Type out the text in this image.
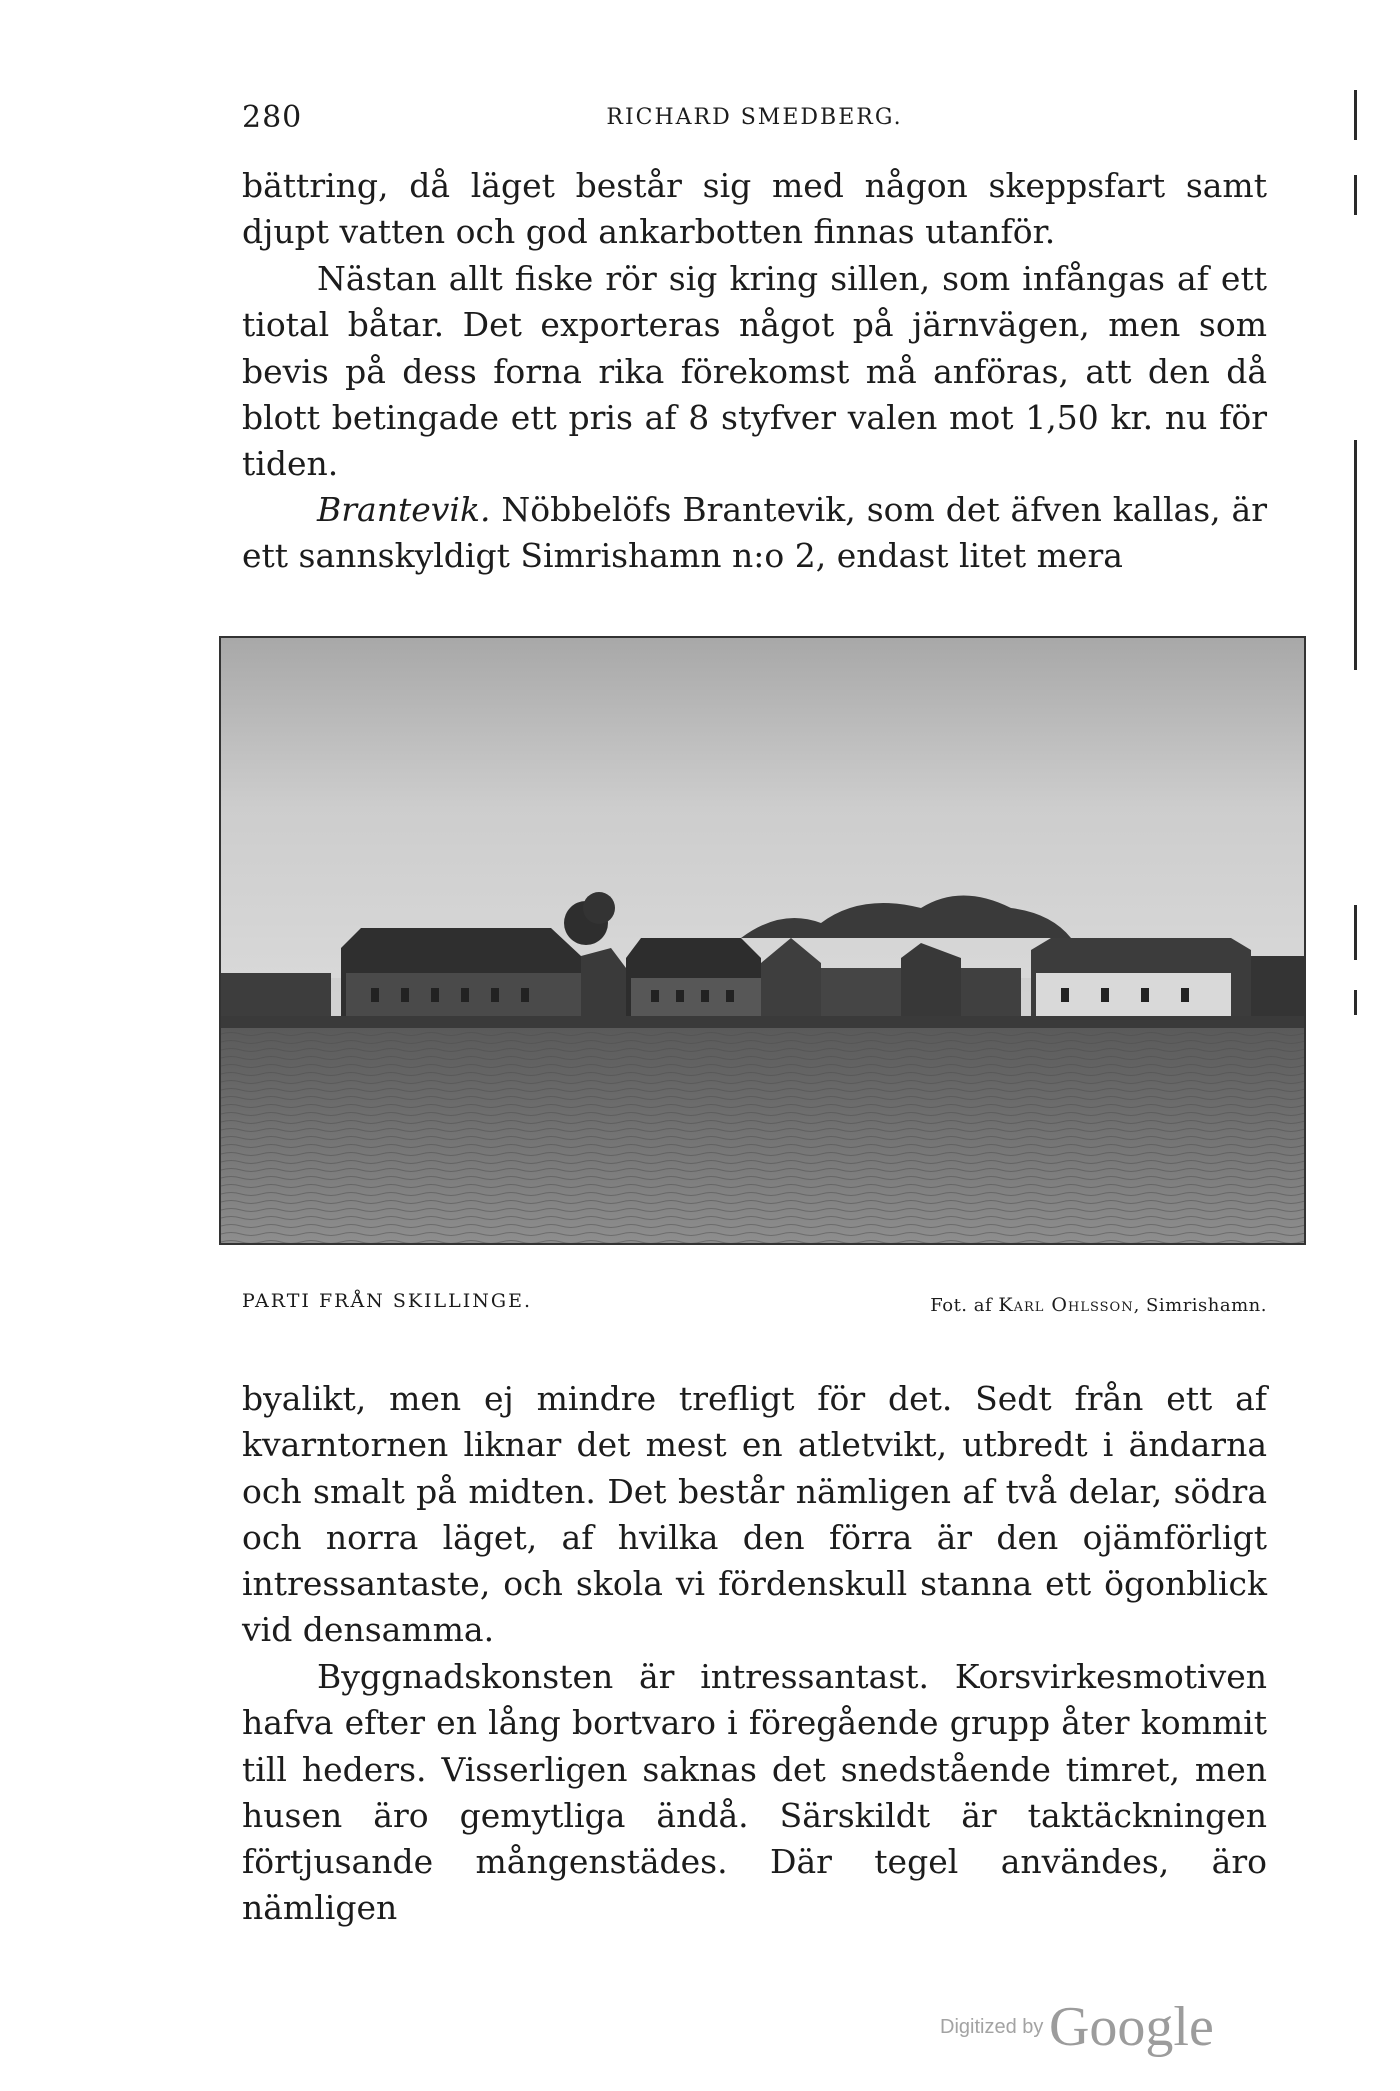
280	RICHARD SMEDBERG.

bättring, då läget består sig med någon skeppsfart samt djupt vatten och god ankarbotten finnas utanför.

Nästan allt fiske rör sig kring sillen, som infångas af ett tiotal båtar. Det exporteras något på järnvägen, men som bevis på dess forna rika förekomst må anföras, att den då blott betingade ett pris af 8 styfver valen mot 1,50 kr. nu för tiden.

Brantevik. Nöbbelöfs Brantevik, som det äfven kallas, är ett sannskyldigt Simrishamn n:o 2, endast litet mera

PARTI FRÅN SKILLINGE.	Fot. af Karl Ohlsson, Simrishamn.

byalikt, men ej mindre trefligt för det. Sedt från ett af kvarntornen liknar det mest en atletvikt, utbredt i ändarna och smalt på midten. Det består nämligen af två delar, södra och norra läget, af hvilka den förra är den ojämförligt intressantaste, och skola vi fördenskull stanna ett ögonblick vid densamma.

Byggnadskonsten är intressantast. Korsvirkesmotiven hafva efter en lång bortvaro i föregående grupp åter kommit till heders. Visserligen saknas det snedstående timret, men husen äro gemytliga ändå. Särskildt är taktäckningen förtjusande mångenstädes. Där tegel användes, äro nämligen

Digitized by Google
